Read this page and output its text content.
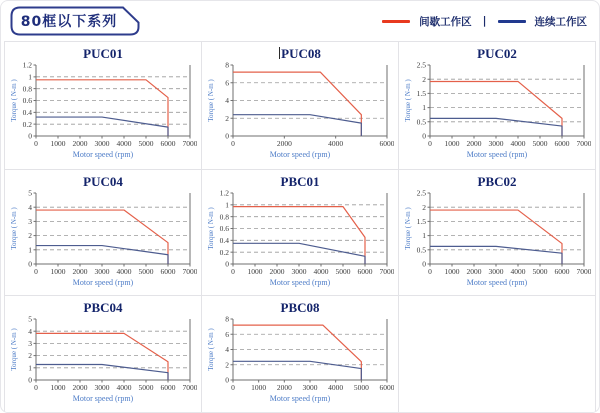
80框以下系列	间歇工作区 |	连续工作区
PUC01
0
0.2
0.4
0.6
0.8
1
1.2
0 1000 2000 3000 4000 5000 6000 7000
Torque ( N-m )
Motor speed (rpm)
PUC08
0
2
4
6
8
0	2000	4000	6000
Torque ( N-m )
Motor speed (rpm)
PUC02
0
0.5
1
1.5
2
2.5
0 1000 2000 3000 4000 5000 6000 7000
Torque ( N-m )
Motor speed (rpm)
PUC04
0
1
2
3
4
5
0 1000 2000 3000 4000 5000 6000 7000
Torque ( N-m )
Motor speed (rpm)
PBC01
0
0.2
0.4
0.6
0.8
1
1.2
0 1000 2000 3000 4000 5000 6000 7000
Torque ( N-m )
Motor speed (rpm)
PBC02
0
0.5
1
1.5
2
2.5
0 1000 2000 3000 4000 5000 6000 7000
Torque ( N-m )
Motor speed (rpm)
PBC04
0
1
2
3
4
5
0 1000 2000 3000 4000 5000 6000 7000
Torque ( N-m )
Motor speed (rpm)
PBC08
0
2
4
6
8
0 1000 2000 3000 4000 5000 6000
Torque ( N-m )
Motor speed (rpm)
